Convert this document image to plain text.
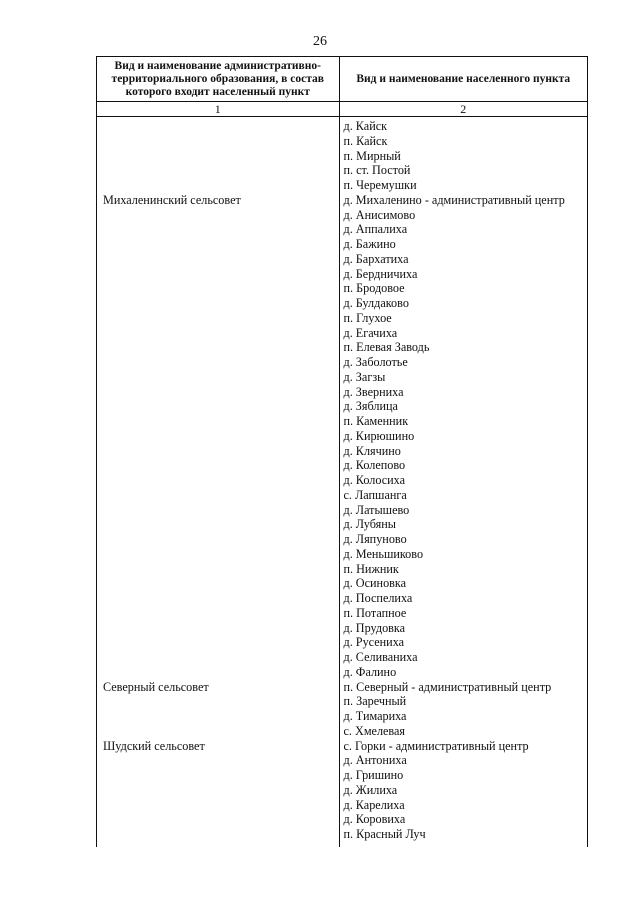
26
Вид и наименование административно-территориального образования, в состав которого входит населенный пункт
Вид и наименование населенного пункта
1	2
Михаленинский сельсовет
Северный сельсовет
Шудский сельсовет
д. Кайск
п. Кайск
п. Мирный
п. ст. Постой
п. Черемушки
д. Михаленино - административный центр
д. Анисимово
д. Аппалиха
д. Бажино
д. Бархатиха
д. Бердничиха
п. Бродовое
д. Булдаково
п. Глухое
д. Егачиха
п. Елевая Заводь
д. Заболотье
д. Загзы
д. Зверниха
д. Зяблица
п. Каменник
д. Кирюшино
д. Клячино
д. Колепово
д. Колосиха
с. Лапшанга
д. Латышево
д. Лубяны
д. Ляпуново
д. Меньшиково
п. Нижник
д. Осиновка
д. Поспелиха
п. Потапное
д. Прудовка
д. Русениха
д. Селиваниха
д. Фалино
п. Северный - административный центр
п. Заречный
д. Тимариха
с. Хмелевая
с. Горки - административный центр
д. Антониха
д. Гришино
д. Жилиха
д. Карелиха
д. Коровиха
п. Красный Луч
